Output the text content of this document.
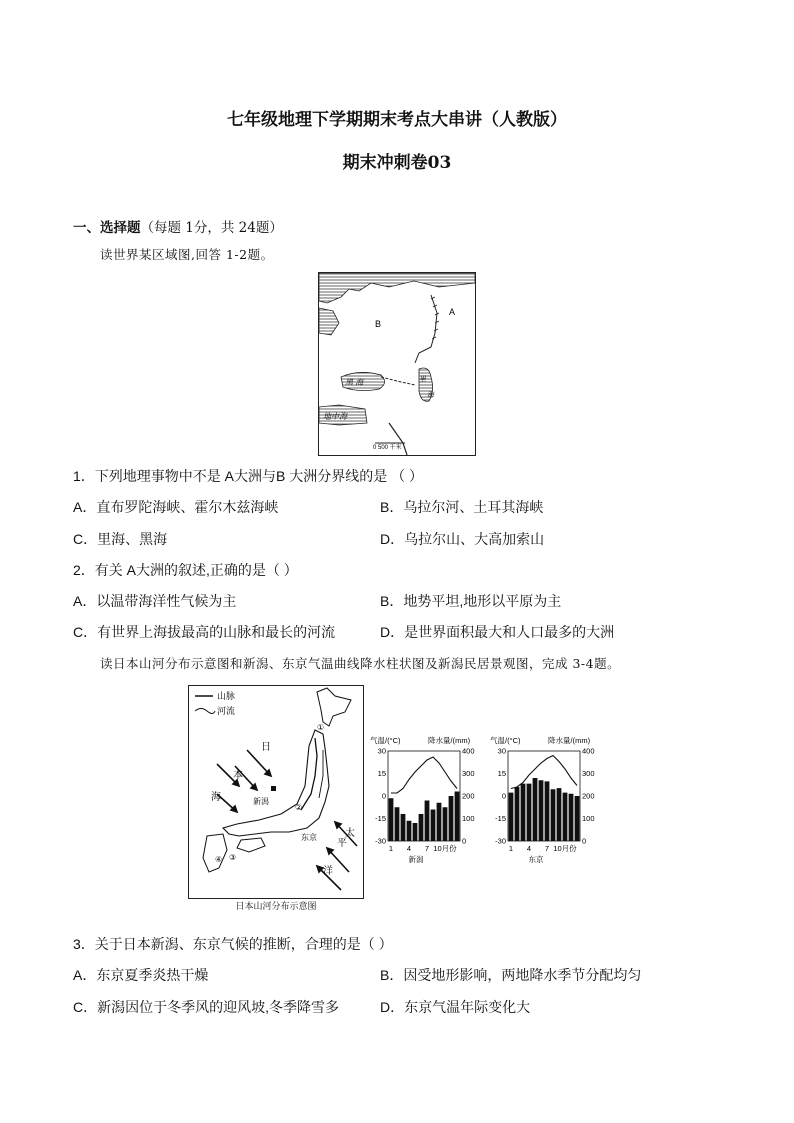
七年级地理下学期期末考点大串讲（人教版）
期末冲刺卷03
一、选择题（每题 1分，共 24题）
读世界某区域图,回答 1-2题。
A
B
黑 海	里
海
地中海
0 500 千米
1．下列地理事物中不是 A大洲与B 大洲分界线的是 （ ）
A．直布罗陀海峡、霍尔木兹海峡	B．乌拉尔河、土耳其海峡
C．里海、黑海	D．乌拉尔山、大高加索山
2．有关 A大洲的叙述,正确的是（ ）
A．以温带海洋性气候为主	B．地势平坦,地形以平原为主
C．有世界上海拔最高的山脉和最长的河流	D．是世界面积最大和人口最多的大洲
读日本山河分布示意图和新潟、东京气温曲线降水柱状图及新潟民居景观图，完成 3-4题。
山脉
河流
日
本
海	新潟
东京	太
平
洋
①
②
③
④
日本山河分布示意图
气温/(°C)	降水量/(mm)
30
15
0
-15
-30
400
300
200
100
0
1 4 7 10月份
新潟
气温/(°C)	降水量/(mm)
30
15
0
-15
-30
400
300
200
100
0
1 4 7 10月份
东京
3．关于日本新潟、东京气候的推断，合理的是（ ）
A．东京夏季炎热干燥	B．因受地形影响，两地降水季节分配均匀
C．新潟因位于冬季风的迎风坡,冬季降雪多	D．东京气温年际变化大
